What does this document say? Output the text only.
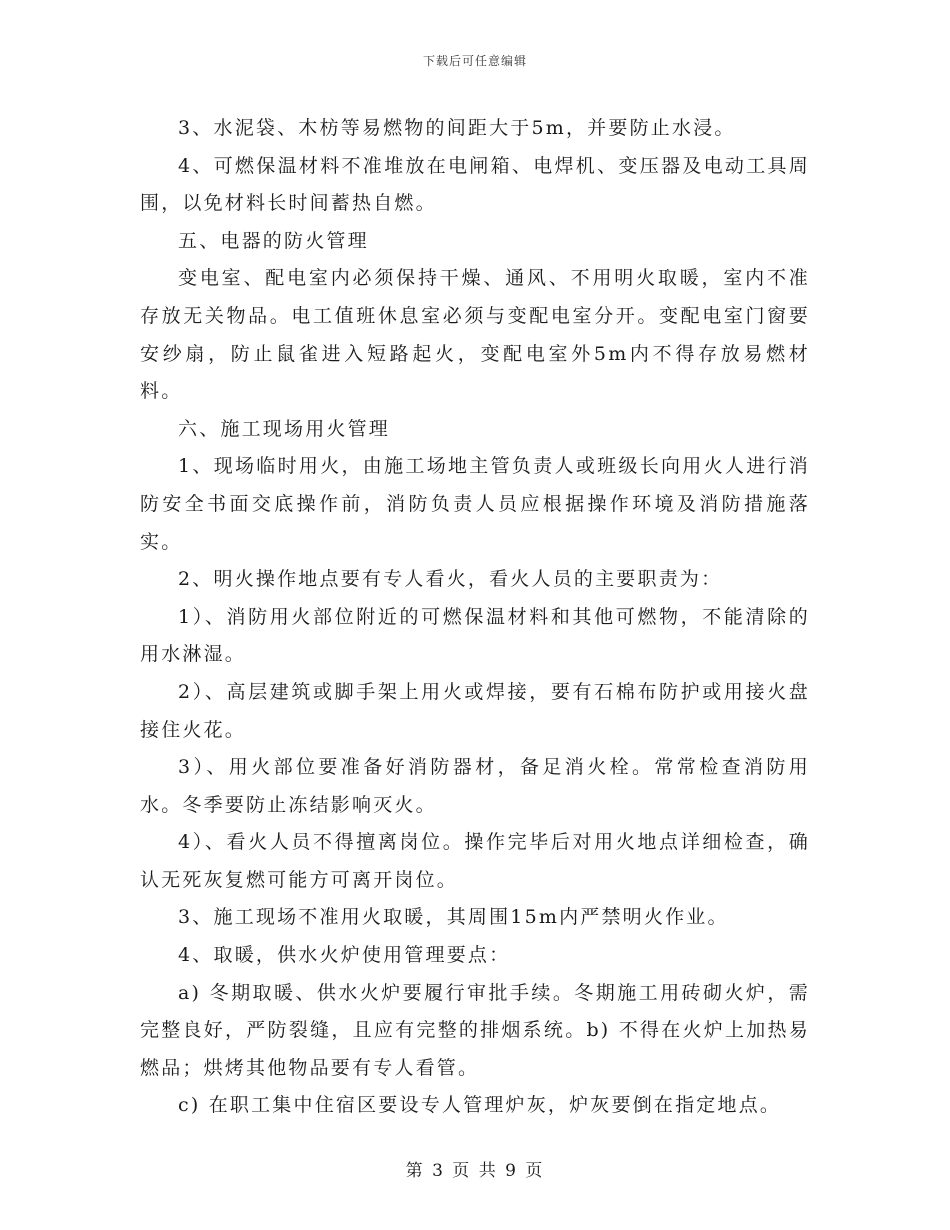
下载后可任意编辑

3、水泥袋、木枋等易燃物的间距大于5m，并要防止水浸。

4、可燃保温材料不准堆放在电闸箱、电焊机、变压器及电动工具周围，以免材料长时间蓄热自燃。

五、电器的防火管理

变电室、配电室内必须保持干燥、通风、不用明火取暖，室内不准存放无关物品。电工值班休息室必须与变配电室分开。变配电室门窗要安纱扇，防止鼠雀进入短路起火，变配电室外5m内不得存放易燃材料。

六、施工现场用火管理

1、现场临时用火，由施工场地主管负责人或班级长向用火人进行消防安全书面交底操作前，消防负责人员应根据操作环境及消防措施落实。

2、明火操作地点要有专人看火，看火人员的主要职责为：

1）、消防用火部位附近的可燃保温材料和其他可燃物，不能清除的用水淋湿。

2）、高层建筑或脚手架上用火或焊接，要有石棉布防护或用接火盘接住火花。

3）、用火部位要准备好消防器材，备足消火栓。常常检查消防用水。冬季要防止冻结影响灭火。

4）、看火人员不得擅离岗位。操作完毕后对用火地点详细检查，确认无死灰复燃可能方可离开岗位。

3、施工现场不准用火取暖，其周围15m内严禁明火作业。

4、取暖，供水火炉使用管理要点：

a) 冬期取暖、供水火炉要履行审批手续。冬期施工用砖砌火炉，需完整良好，严防裂缝，且应有完整的排烟系统。b) 不得在火炉上加热易燃品；烘烤其他物品要有专人看管。

c) 在职工集中住宿区要设专人管理炉灰，炉灰要倒在指定地点。

第 3 页 共 9 页
